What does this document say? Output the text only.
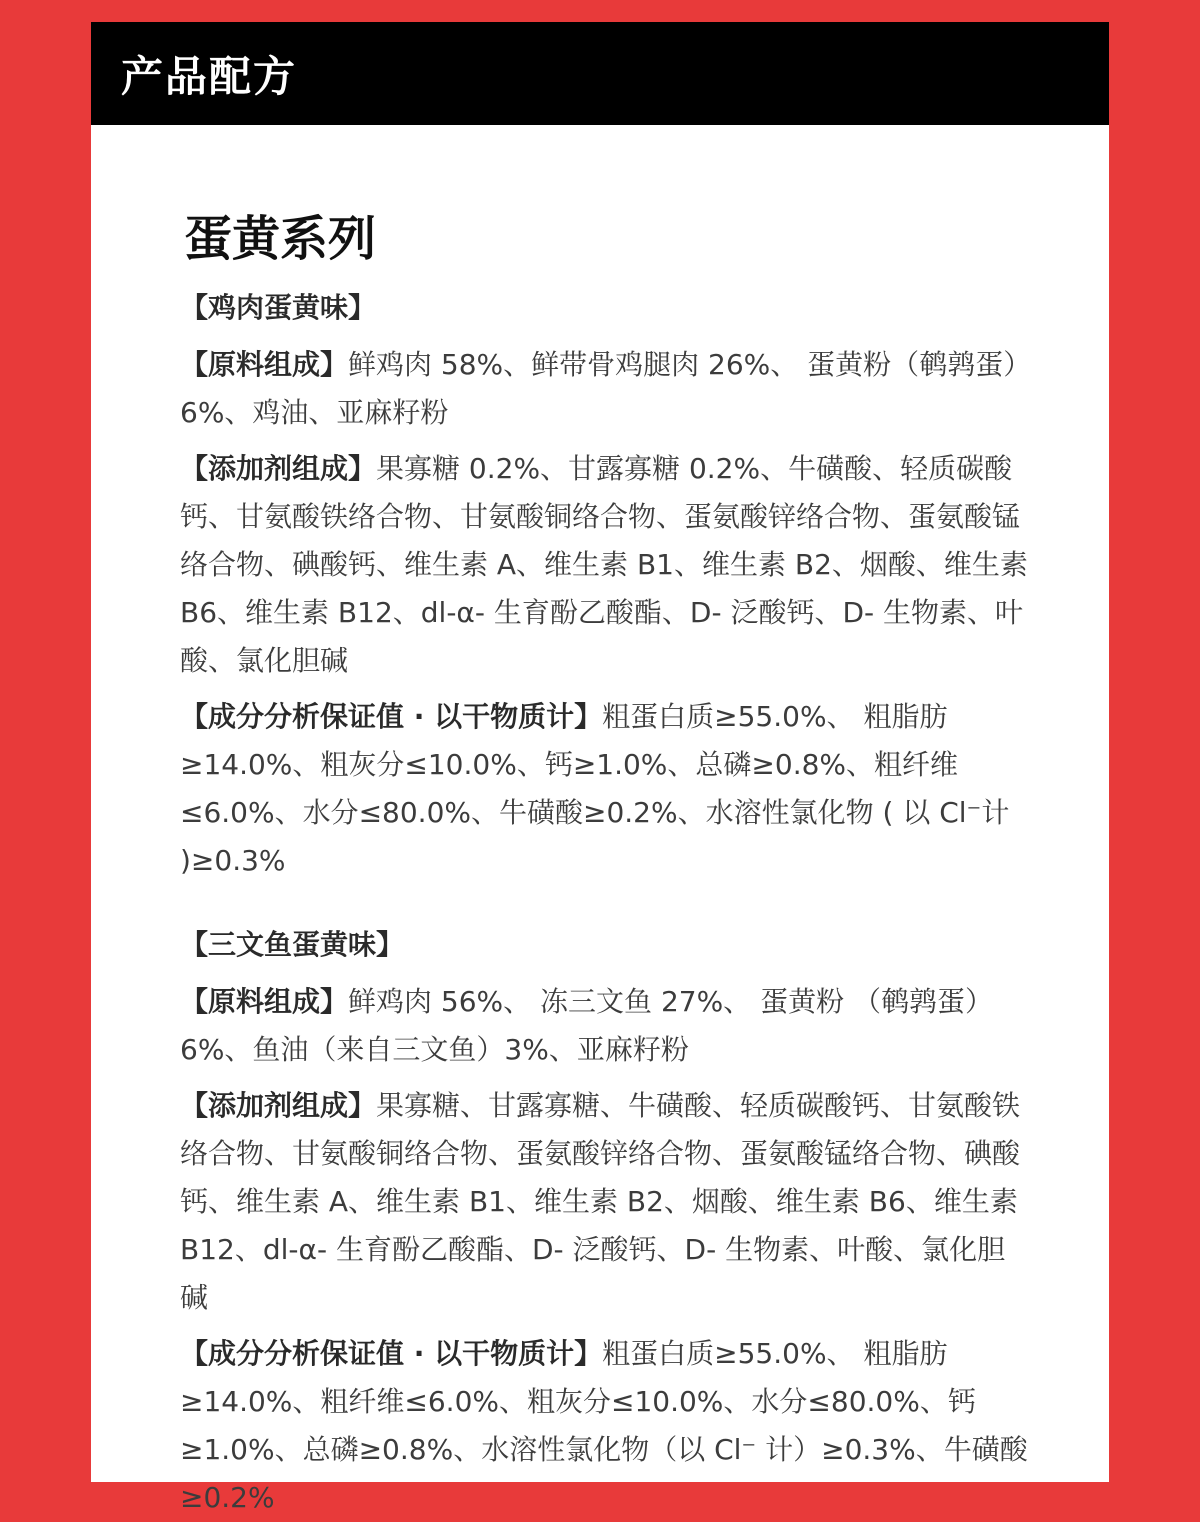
产品配方
蛋黄系列
【鸡肉蛋黄味】

【原料组成】鲜鸡肉 58%、鲜带骨鸡腿肉 26%、 蛋黄粉（鹌鹑蛋）6%、鸡油、亚麻籽粉

【添加剂组成】果寡糖 0.2%、甘露寡糖 0.2%、牛磺酸、轻质碳酸钙、甘氨酸铁络合物、甘氨酸铜络合物、蛋氨酸锌络合物、蛋氨酸锰络合物、碘酸钙、维生素 A、维生素 B1、维生素 B2、烟酸、维生素 B6、维生素 B12、dl-α- 生育酚乙酸酯、D- 泛酸钙、D- 生物素、叶酸、氯化胆碱

【成分分析保证值 · 以干物质计】粗蛋白质≥55.0%、 粗脂肪≥14.0%、粗灰分≤10.0%、钙≥1.0%、总磷≥0.8%、粗纤维≤6.0%、水分≤80.0%、牛磺酸≥0.2%、水溶性氯化物 ( 以 Cl⁻计 )≥0.3%

【三文鱼蛋黄味】

【原料组成】鲜鸡肉 56%、 冻三文鱼 27%、 蛋黄粉 （鹌鹑蛋）6%、鱼油（来自三文鱼）3%、亚麻籽粉

【添加剂组成】果寡糖、甘露寡糖、牛磺酸、轻质碳酸钙、甘氨酸铁络合物、甘氨酸铜络合物、蛋氨酸锌络合物、蛋氨酸锰络合物、碘酸钙、维生素 A、维生素 B1、维生素 B2、烟酸、维生素 B6、维生素 B12、dl-α- 生育酚乙酸酯、D- 泛酸钙、D- 生物素、叶酸、氯化胆碱

【成分分析保证值 · 以干物质计】粗蛋白质≥55.0%、 粗脂肪≥14.0%、粗纤维≤6.0%、粗灰分≤10.0%、水分≤80.0%、钙≥1.0%、总磷≥0.8%、水溶性氯化物（以 Cl⁻ 计）≥0.3%、牛磺酸≥0.2%
